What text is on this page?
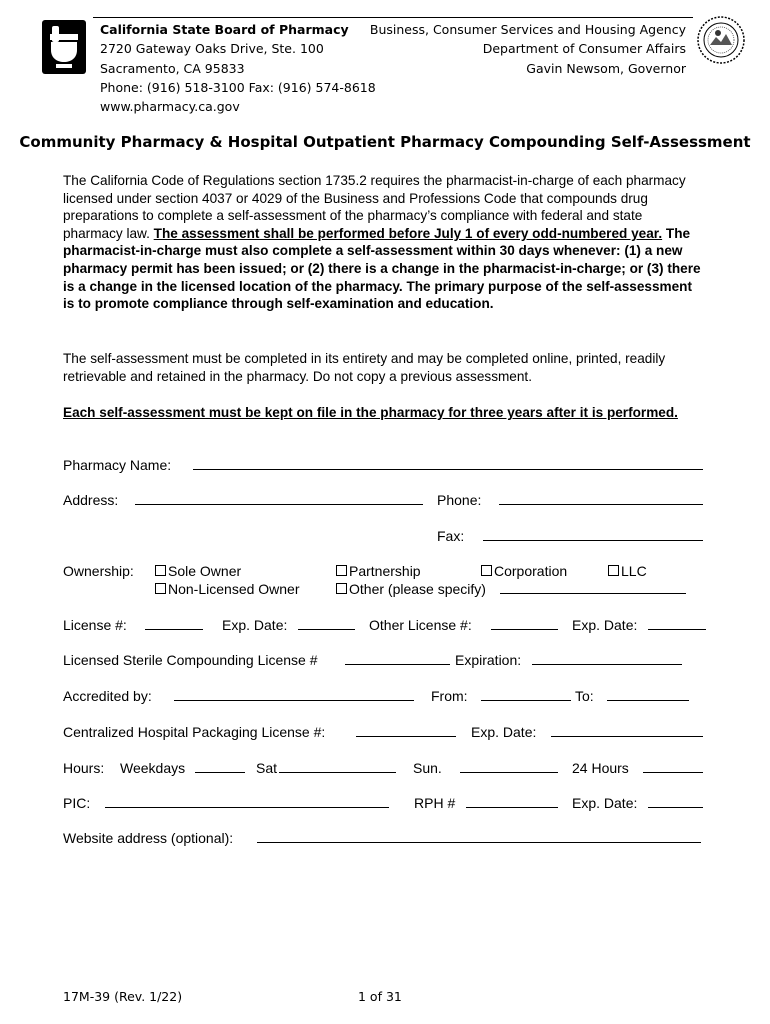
California State Board of Pharmacy
2720 Gateway Oaks Drive, Ste. 100
Sacramento, CA 95833
Phone: (916) 518-3100 Fax: (916) 574-8618
www.pharmacy.ca.gov
Business, Consumer Services and Housing Agency
Department of Consumer Affairs
Gavin Newsom, Governor
Community Pharmacy & Hospital Outpatient Pharmacy Compounding Self-Assessment
The California Code of Regulations section 1735.2 requires the pharmacist-in-charge of each pharmacy licensed under section 4037 or 4029 of the Business and Professions Code that compounds drug preparations to complete a self-assessment of the pharmacy’s compliance with federal and state pharmacy law. The assessment shall be performed before July 1 of every odd-numbered year. The pharmacist-in-charge must also complete a self-assessment within 30 days whenever: (1) a new pharmacy permit has been issued; or (2) there is a change in the pharmacist-in-charge; or (3) there is a change in the licensed location of the pharmacy. The primary purpose of the self-assessment is to promote compliance through self-examination and education.
The self-assessment must be completed in its entirety and may be completed online, printed, readily retrievable and retained in the pharmacy. Do not copy a previous assessment.
Each self-assessment must be kept on file in the pharmacy for three years after it is performed.
Pharmacy Name:
Address:	Phone:
Fax:
Ownership:	Sole Owner	Partnership	Corporation	LLC
Non-Licensed Owner	Other (please specify)
License #:	Exp. Date:	Other License #:	Exp. Date:
Licensed Sterile Compounding License #	Expiration:
Accredited by:	From:	To:
Centralized Hospital Packaging License #:	Exp. Date:
Hours: Weekdays	Sat	Sun.	24 Hours
PIC:	RPH #	Exp. Date:
Website address (optional):
17M-39 (Rev. 1/22)	1 of 31
